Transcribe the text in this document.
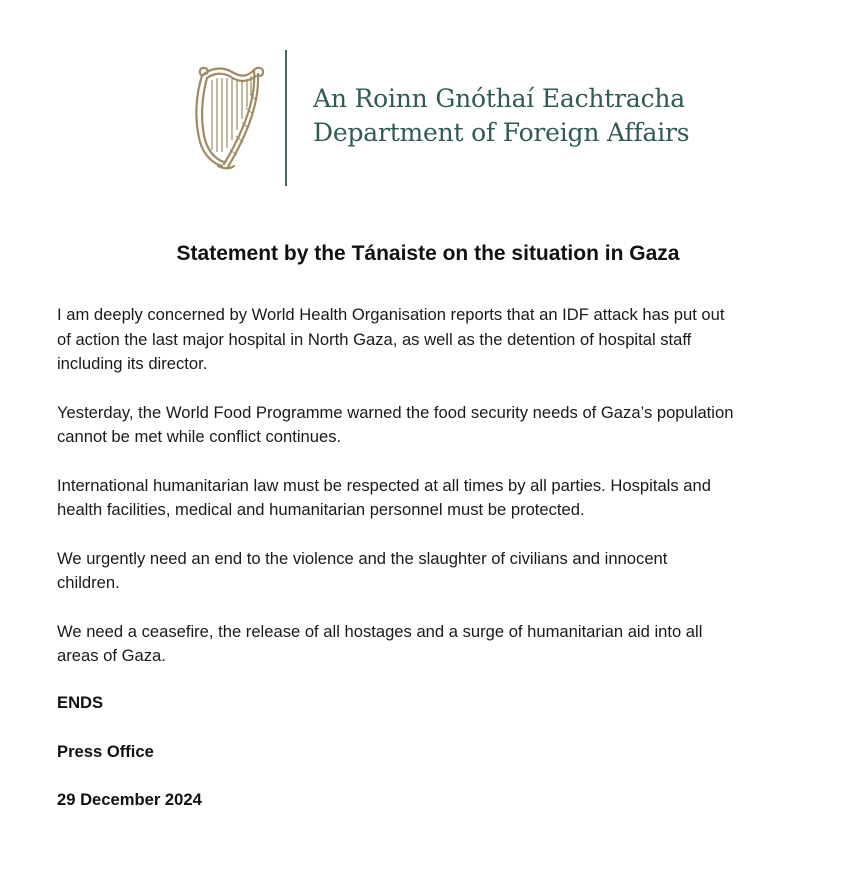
An Roinn Gnóthaí Eachtracha
Department of Foreign Affairs
Statement by the Tánaiste on the situation in Gaza

I am deeply concerned by World Health Organisation reports that an IDF attack has put out
of action the last major hospital in North Gaza, as well as the detention of hospital staff
including its director.

Yesterday, the World Food Programme warned the food security needs of Gaza’s population
cannot be met while conflict continues.

International humanitarian law must be respected at all times by all parties. Hospitals and
health facilities, medical and humanitarian personnel must be protected.

We urgently need an end to the violence and the slaughter of civilians and innocent
children.

We need a ceasefire, the release of all hostages and a surge of humanitarian aid into all
areas of Gaza.

ENDS
Press Office
29 December 2024
